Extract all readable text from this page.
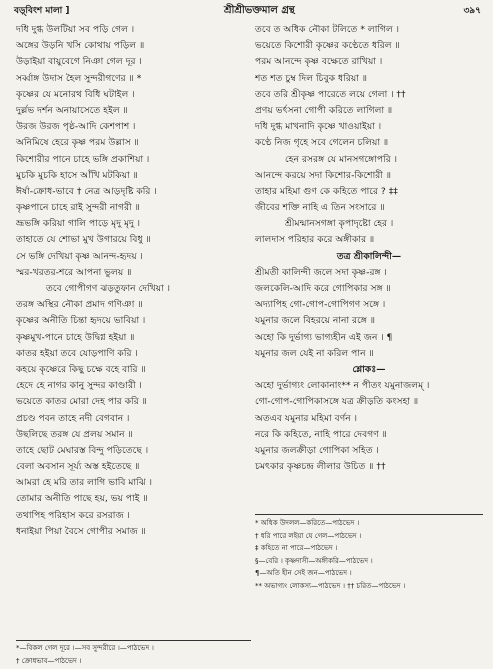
বড়্‌বিংশ মালা ]	শ্রীশ্রীভক্তমাল গ্রন্থ	৩৯৭
দধি দুগ্ধ উলটিয়া সব পড়ি গেল ।
অঙ্গের উড়নি খসি কোথায় পড়িল ॥
উড়াইয়া বায়ুবেগে নিঞা গেল দূর ।
সর্ব্বাঙ্গ উদাস হৈল সুন্দরীগণের ॥ *
কৃষ্ণের যে মনোরথ বিধি ঘটাইল ।
দুর্ল্লভ দর্শন অনায়াসেতে হইল ॥
উরজ উরজ পৃষ্ঠ-আদি কেশপাশ ।
অনিমিষে হেরে কৃষ্ণ পরম উল্লাস ॥
কিশোরীর পানে চাহে ভঙ্গি প্রকাশিয়া ।
মুচকি মুচকি হাসে আঁখি মটকিয়া ॥
ঈর্ষা-ক্রোধ-ভাবে † নেত্র আড়দৃষ্টি করি ।
কৃষ্ণপানে চাহে রাই সুন্দরী নাগরী ॥
ভ্রূভঙ্গি করিয়া গালি পাড়ে মৃদু মৃদু ।
তাহাতে যে শোভা মুখ উগারয়ে বিধু ॥
সে ভঙ্গি দেখিয়া কৃষ্ণ আনন্দ-হৃদয় ।
স্মর-খরতর-শরে আপনা ভুলয় ॥
তবে গোপীগণ ঝড়তুফান দেখিয়া ।
তরঙ্গ অস্থির নৌকা প্রমাদ গণিঞা ॥
কৃষ্ণের অনীতি চিন্তা হৃদয়ে ভাবিয়া ।
কৃষ্ণমুখ-পানে চাহে উদ্বিগ্ন হইয়া ॥
কাতর হইয়া তবে যোড়পাণি করি ।
কহয়ে কৃষ্ণেরে কিছু চক্ষে বহে বারি ॥
হেদে হে নাগর কানু সুন্দর কাণ্ডারী ।
ভয়েতে কাতর মোরা দেহ পার করি ॥
প্রচণ্ড পবন তাহে নদী বেগবান ।
উছলিছে তরঙ্গ যে প্রলয় সমান ॥
তাহে ছোট মেঘারস্ত বিন্দু পড়িতেছে ।
বেলা অবসান সূর্য্য অস্ত হইতেছে ॥
আমরা হে মরি তার লাগি ভাবি মাঝি ।
তোমার অনীতি পাছে হয়, ভয় পাই ॥
তথাপিহ পরিহাস করে রসরাজ ।
ধনাইয়া পিয়া বৈসে গোপীর সমাজ ॥
তবে ত অধিক নৌকা টলিতে * লাগিল ।
ভয়েতে কিশোরী কৃষ্ণের কণ্ঠেতে ধরিল ॥
পরম আনন্দে কৃষ্ণ বক্ষেতে রাখিয়া ।
শত শত চুম্ব দিল চিবুক ধরিয়া ॥
তবে তরি শ্রীকৃষ্ণ পারেতে লয়ে গেলা । ††
প্রণয় ভর্ৎসনা গোপী করিতে লাগিলা ॥
দধি দুগ্ধ মাখনাদি কৃষ্ণে খাওয়াইয়া ।
কণ্ঠে নিজ গৃহে সবে গেলেন চলিয়া ॥
হেন রসরঙ্গ যে মানসগঙ্গোপরি ।
আনন্দে করয়ে সদা কিশোর-কিশোরী ॥
তাহার মহিমা গুণ কে কহিতে পারে ? ‡‡
জীবের শক্তি নাহি এ তিন সংসারে ॥
শ্রীমন্মানসগঙ্গা কৃপাদৃষ্টো হের ।
লালদাস পরিহার করে অঙ্গীকার ॥
তত্র শ্রীকালিন্দী—
শ্রীমতী কালিন্দী জলে সদা কৃষ্ণ-রঙ্গ ।
জলকেলি-আদি করে গোপিকার সঙ্গ ॥
অদ্যাপিহ গো-গোপ-গোপিগণ সঙ্গে ।
যমুনার জলে বিহরয়ে নানা রঙ্গে ॥
অহো কি দুর্ভাগ্য ভাগ্যহীন এই জন । ¶
যমুনার জল যেই না করিল পান ॥
শ্লোকঃ—
অহো দুর্ভাগ্যং লোকানাং** ন পীতং যমুনাজলম্‌ ।
গো-গোপ-গোপিকাসঙ্গে যত্র ক্রীড়তি কংসহা ॥
অতএব যমুনার মহিমা বর্ণন ।
নরে কি কহিতে, নাহি পারে দেবগণ ॥
যমুনার জলক্রীড়া গোপিকা সহিত ।
চমৎকার কৃষ্ণচন্দ্র লীলার উচিত ॥ ††
* অধিক উদলল—করিতে—পাঠভেদ ।
† ধরি পারে লইয়া যে গেল—পাঠভেদ ।
‡ কহিতে না পারে—পাঠভেদ ।
§—বেরি । কৃষ্ণদাসী—অঙ্গীকরি—পাঠভেদ ।
¶—অতি হীন সেই জন—পাঠভেদ ।
** অভাগ্যং লোকস্য—পাঠভেদ । †† চরিত—পাঠভেদ ।
*—বিকল গেল দূরে ।—সব সুন্দরীরে ।—পাঠভেদ ।
† ক্রোধভাব—পাঠভেদ ।
